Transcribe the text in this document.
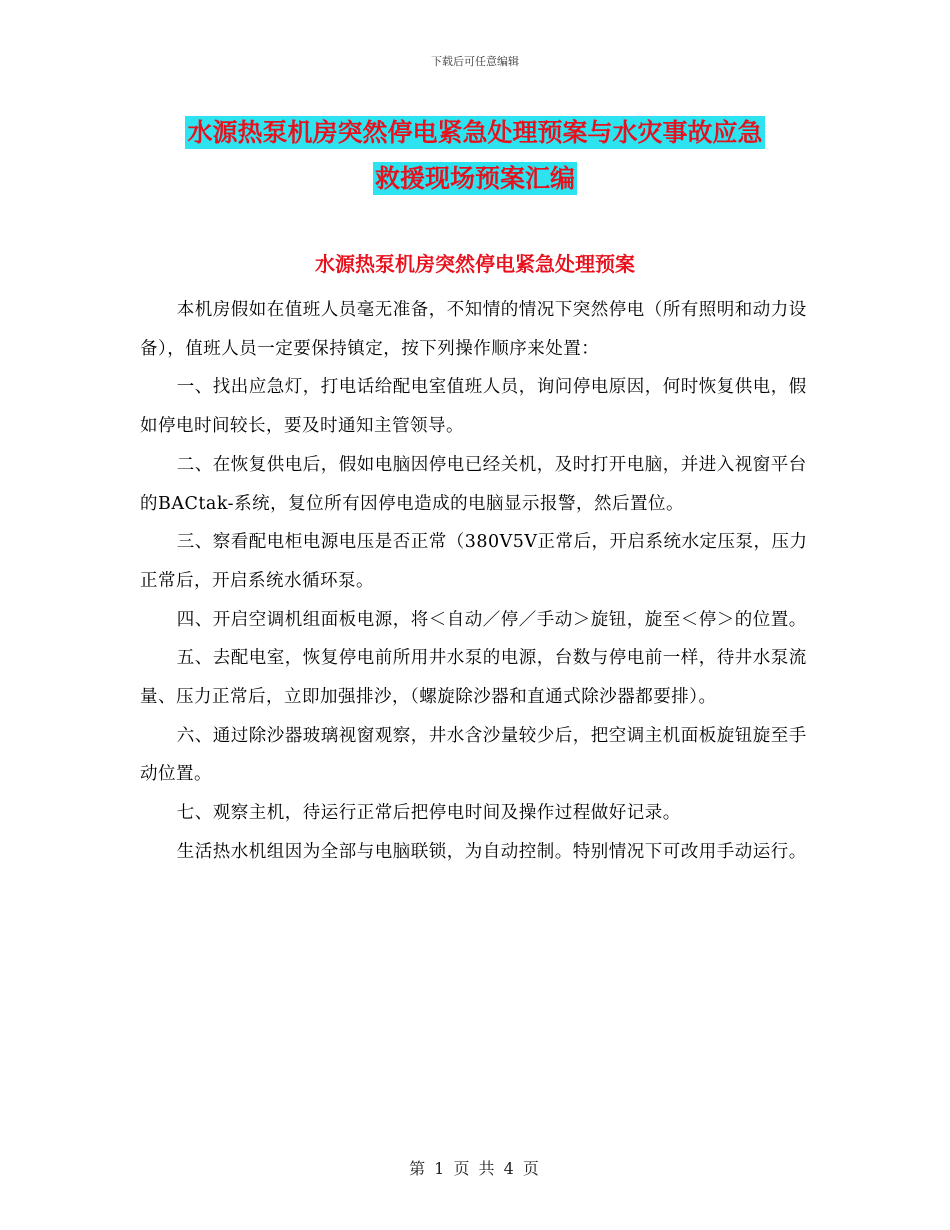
下载后可任意编辑
水源热泵机房突然停电紧急处理预案与水灾事故应急
救援现场预案汇编
水源热泵机房突然停电紧急处理预案

本机房假如在值班人员毫无准备，不知情的情况下突然停电（所有照明和动力设备），值班人员一定要保持镇定，按下列操作顺序来处置：

一、找出应急灯，打电话给配电室值班人员，询问停电原因，何时恢复供电，假如停电时间较长，要及时通知主管领导。

二、在恢复供电后，假如电脑因停电已经关机，及时打开电脑，并进入视窗平台的BACtak-系统，复位所有因停电造成的电脑显示报警，然后置位。

三、察看配电柜电源电压是否正常（380V5V正常后，开启系统水定压泵，压力正常后，开启系统水循环泵。

四、开启空调机组面板电源，将＜自动／停／手动＞旋钮，旋至＜停＞的位置。

五、去配电室，恢复停电前所用井水泵的电源，台数与停电前一样，待井水泵流量、压力正常后，立即加强排沙，（螺旋除沙器和直通式除沙器都要排）。

六、通过除沙器玻璃视窗观察，井水含沙量较少后，把空调主机面板旋钮旋至手动位置。

七、观察主机，待运行正常后把停电时间及操作过程做好记录。

生活热水机组因为全部与电脑联锁，为自动控制。特别情况下可改用手动运行。

第 1 页 共 4 页
